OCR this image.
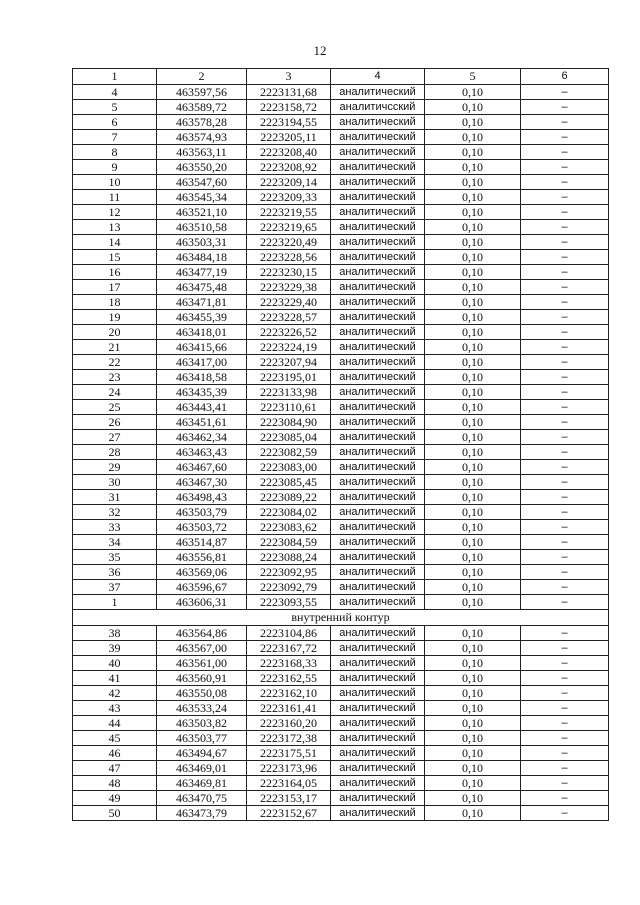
12
1	2	3	4	5	6
4	463597,56	2223131,68	аналитический	0,10	–
5	463589,72	2223158,72	аналитичсский	0,10	–
6	463578,28	2223194,55	аналитический	0,10	–
7	463574,93	2223205,11	аналитический	0,10	–
8	463563,11	2223208,40	аналитический	0,10	–
9	463550,20	2223208,92	аналитический	0,10	–
10	463547,60	2223209,14	аналитический	0,10	–
11	463545,34	2223209,33	аналитический	0,10	–
12	463521,10	2223219,55	аналитический	0,10	–
13	463510,58	2223219,65	аналитический	0,10	–
14	463503,31	2223220,49	аналитический	0,10	–
15	463484,18	2223228,56	аналитический	0,10	–
16	463477,19	2223230,15	аналитический	0,10	–
17	463475,48	2223229,38	аналитический	0,10	–
18	463471,81	2223229,40	аналитический	0,10	–
19	463455,39	2223228,57	аналитический	0,10	–
20	463418,01	2223226,52	аналитический	0,10	–
21	463415,66	2223224,19	аналитический	0,10	–
22	463417,00	2223207,94	аналитический	0,10	–
23	463418,58	2223195,01	аналитический	0,10	–
24	463435,39	2223133,98	аналитический	0,10	–
25	463443,41	2223110,61	аналитический	0,10	–
26	463451,61	2223084,90	аналитический	0,10	–
27	463462,34	2223085,04	аналитический	0,10	–
28	463463,43	2223082,59	аналитический	0,10	–
29	463467,60	2223083,00	аналитический	0,10	–
30	463467,30	2223085,45	аналитический	0,10	–
31	463498,43	2223089,22	аналитический	0,10	–
32	463503,79	2223084,02	аналитический	0,10	–
33	463503,72	2223083,62	аналитический	0,10	–
34	463514,87	2223084,59	аналитический	0,10	–
35	463556,81	2223088,24	аналитический	0,10	–
36	463569,06	2223092,95	аналитический	0,10	–
37	463596,67	2223092,79	аналитический	0,10	–
1	463606,31	2223093,55	аналитический	0,10	–
внутренний контур					
38	463564,86	2223104,86	аналитический	0,10	–
39	463567,00	2223167,72	аналитический	0,10	–
40	463561,00	2223168,33	аналитический	0,10	–
41	463560,91	2223162,55	аналитический	0,10	–
42	463550,08	2223162,10	аналитический	0,10	–
43	463533,24	2223161,41	аналитический	0,10	–
44	463503,82	2223160,20	аналитический	0,10	–
45	463503,77	2223172,38	аналитический	0,10	–
46	463494,67	2223175,51	аналитический	0,10	–
47	463469,01	2223173,96	аналитический	0,10	–
48	463469,81	2223164,05	аналитический	0,10	–
49	463470,75	2223153,17	аналитический	0,10	–
50	463473,79	2223152,67	аналитический	0,10	–
